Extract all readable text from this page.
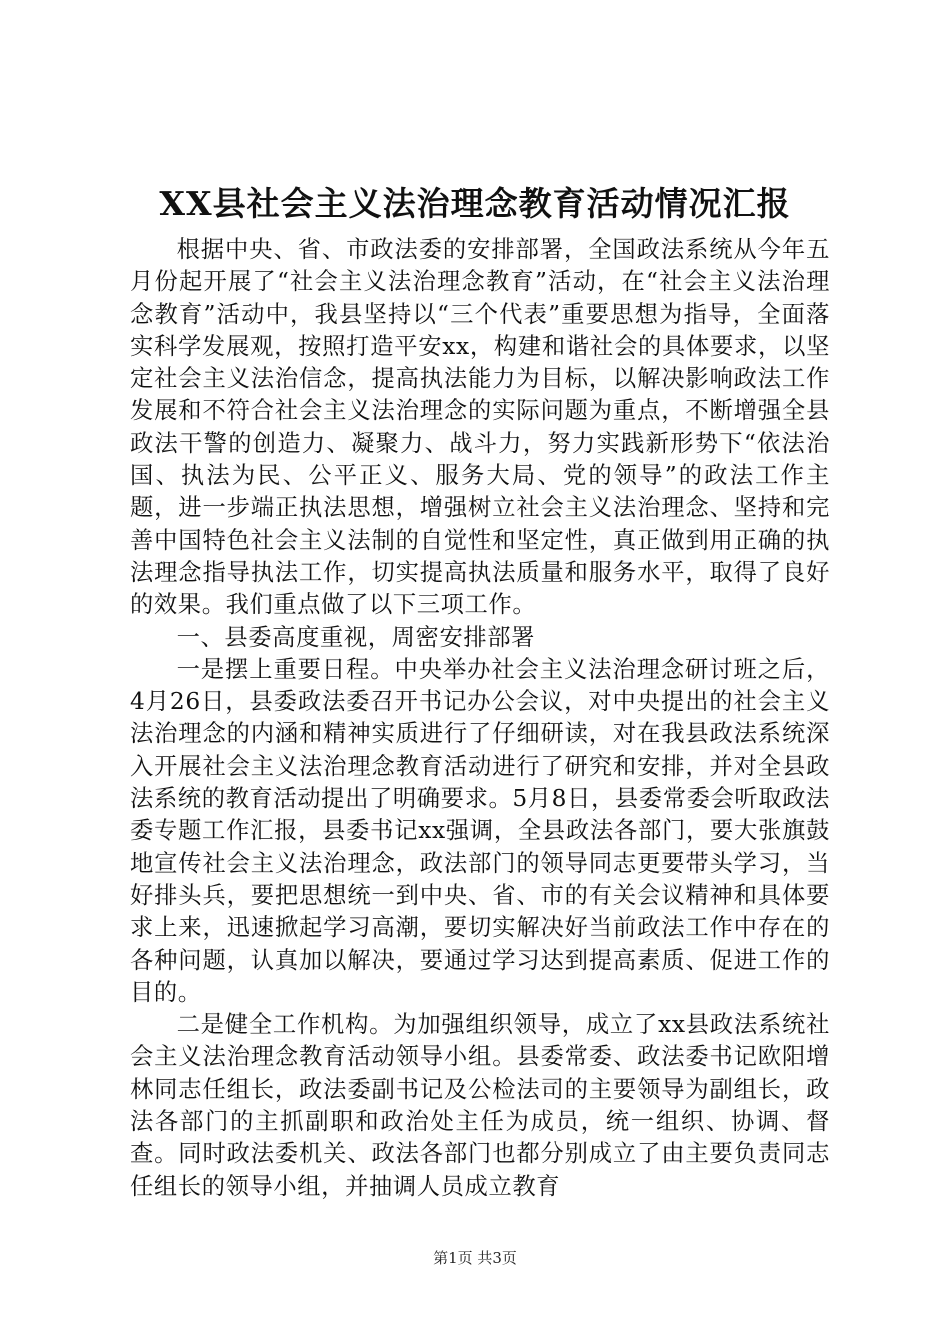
XX县社会主义法治理念教育活动情况汇报

根据中央、省、市政法委的安排部署，全国政法系统从今年五月份起开展了“社会主义法治理念教育”活动，在“社会主义法治理念教育”活动中，我县坚持以“三个代表”重要思想为指导，全面落实科学发展观，按照打造平安xx，构建和谐社会的具体要求，以坚定社会主义法治信念，提高执法能力为目标，以解决影响政法工作发展和不符合社会主义法治理念的实际问题为重点，不断增强全县政法干警的创造力、凝聚力、战斗力，努力实践新形势下“依法治国、执法为民、公平正义、服务大局、党的领导”的政法工作主题，进一步端正执法思想，增强树立社会主义法治理念、坚持和完善中国特色社会主义法制的自觉性和坚定性，真正做到用正确的执法理念指导执法工作，切实提高执法质量和服务水平，取得了良好的效果。我们重点做了以下三项工作。

一、县委高度重视，周密安排部署

一是摆上重要日程。中央举办社会主义法治理念研讨班之后，4月26日，县委政法委召开书记办公会议，对中央提出的社会主义法治理念的内涵和精神实质进行了仔细研读，对在我县政法系统深入开展社会主义法治理念教育活动进行了研究和安排，并对全县政法系统的教育活动提出了明确要求。5月8日，县委常委会听取政法委专题工作汇报，县委书记xx强调，全县政法各部门，要大张旗鼓地宣传社会主义法治理念，政法部门的领导同志更要带头学习，当好排头兵，要把思想统一到中央、省、市的有关会议精神和具体要求上来，迅速掀起学习高潮，要切实解决好当前政法工作中存在的各种问题，认真加以解决，要通过学习达到提高素质、促进工作的目的。

二是健全工作机构。为加强组织领导，成立了xx县政法系统社会主义法治理念教育活动领导小组。县委常委、政法委书记欧阳增林同志任组长，政法委副书记及公检法司的主要领导为副组长，政法各部门的主抓副职和政治处主任为成员，统一组织、协调、督查。同时政法委机关、政法各部门也都分别成立了由主要负责同志任组长的领导小组，并抽调人员成立教育

第1页 共3页
